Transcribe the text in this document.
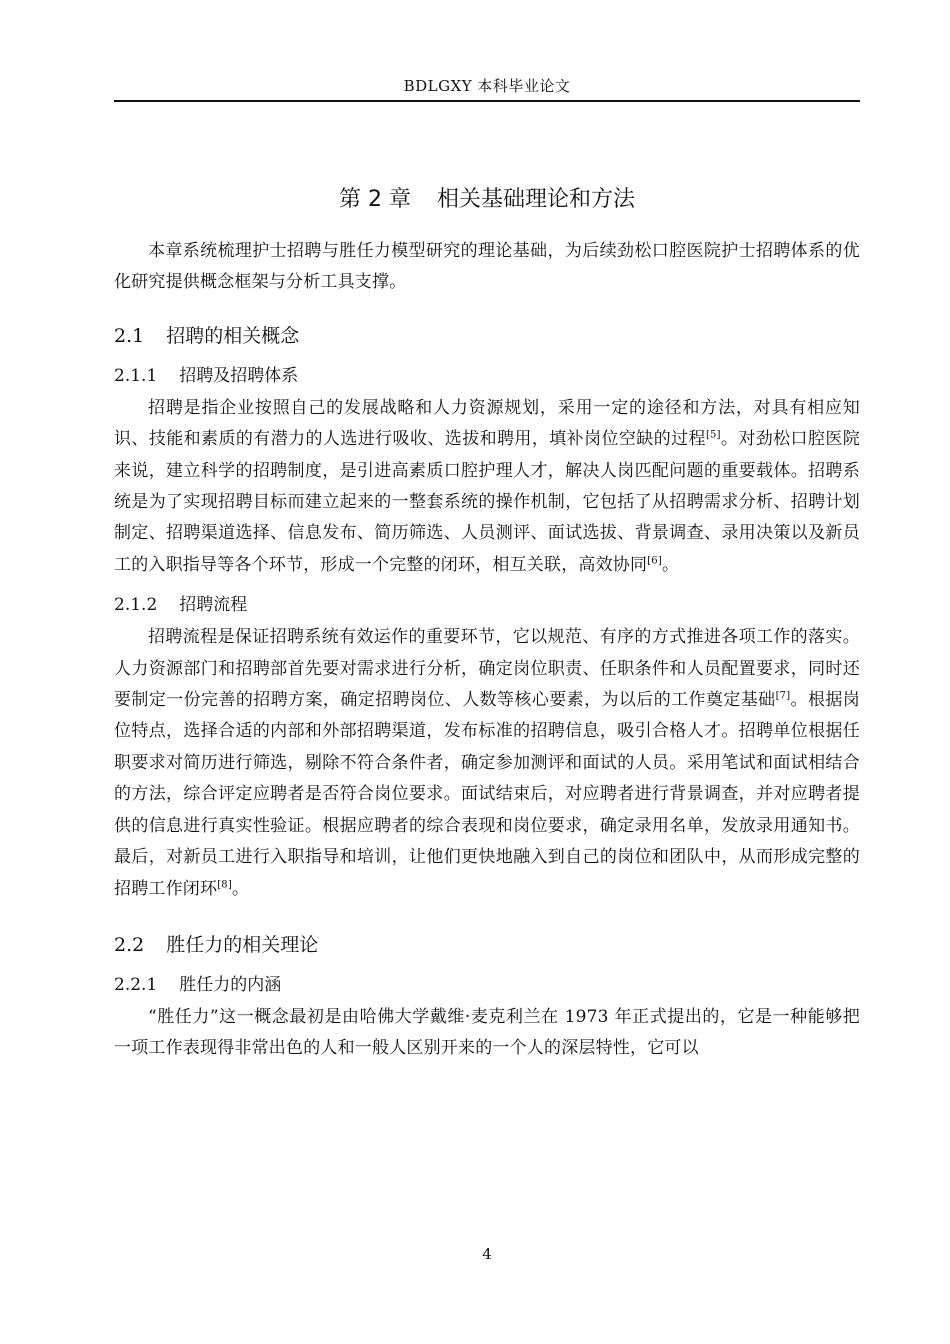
BDLGXY 本科毕业论文
第 2 章 相关基础理论和方法

本章系统梳理护士招聘与胜任力模型研究的理论基础，为后续劲松口腔医院护士招聘体系的优化研究提供概念框架与分析工具支撑。

2.1 招聘的相关概念
2.1.1 招聘及招聘体系

招聘是指企业按照自己的发展战略和人力资源规划，采用一定的途径和方法，对具有相应知识、技能和素质的有潜力的人选进行吸收、选拔和聘用，填补岗位空缺的过程[5]。对劲松口腔医院来说，建立科学的招聘制度，是引进高素质口腔护理人才，解决人岗匹配问题的重要载体。招聘系统是为了实现招聘目标而建立起来的一整套系统的操作机制，它包括了从招聘需求分析、招聘计划制定、招聘渠道选择、信息发布、简历筛选、人员测评、面试选拔、背景调查、录用决策以及新员工的入职指导等各个环节，形成一个完整的闭环，相互关联，高效协同[6]。

2.1.2 招聘流程

招聘流程是保证招聘系统有效运作的重要环节，它以规范、有序的方式推进各项工作的落实。人力资源部门和招聘部首先要对需求进行分析，确定岗位职责、任职条件和人员配置要求，同时还要制定一份完善的招聘方案，确定招聘岗位、人数等核心要素，为以后的工作奠定基础[7]。根据岗位特点，选择合适的内部和外部招聘渠道，发布标准的招聘信息，吸引合格人才。招聘单位根据任职要求对简历进行筛选，剔除不符合条件者，确定参加测评和面试的人员。采用笔试和面试相结合的方法，综合评定应聘者是否符合岗位要求。面试结束后，对应聘者进行背景调查，并对应聘者提供的信息进行真实性验证。根据应聘者的综合表现和岗位要求，确定录用名单，发放录用通知书。最后，对新员工进行入职指导和培训，让他们更快地融入到自己的岗位和团队中，从而形成完整的招聘工作闭环[8]。

2.2 胜任力的相关理论
2.2.1 胜任力的内涵

“胜任力”这一概念最初是由哈佛大学戴维·麦克利兰在 1973 年正式提出的，它是一种能够把一项工作表现得非常出色的人和一般人区别开来的一个人的深层特性，它可以

4
